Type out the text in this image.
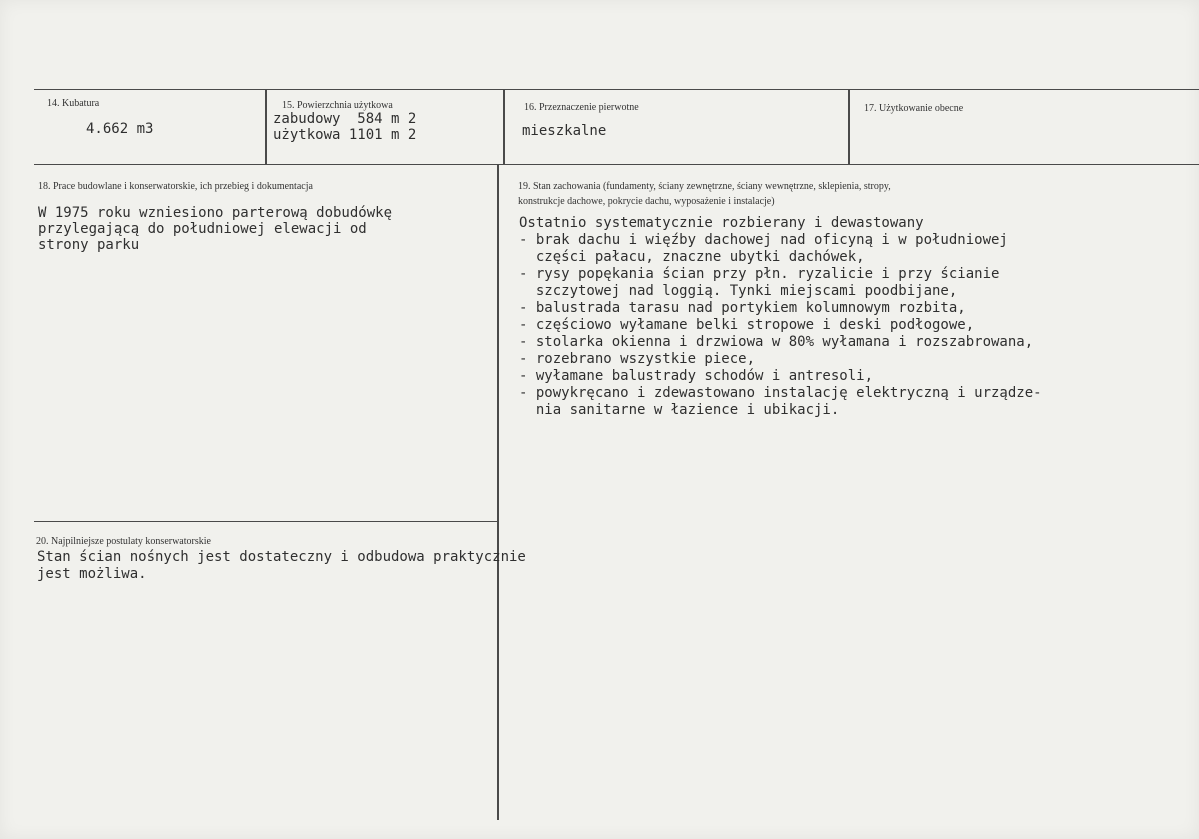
14. Kubatura
4.662 m3
15. Powierzchnia użytkowa
zabudowy  584 m 2
użytkowa 1101 m 2
16. Przeznaczenie pierwotne
mieszkalne
17. Użytkowanie obecne
18. Prace budowlane i konserwatorskie, ich przebieg i dokumentacja
W 1975 roku wzniesiono parterową dobudówkę
przylegającą do południowej elewacji od
strony parku
19. Stan zachowania (fundamenty, ściany zewnętrzne, ściany wewnętrzne, sklepienia, stropy,
konstrukcje dachowe, pokrycie dachu, wyposażenie i instalacje)
Ostatnio systematycznie rozbierany i dewastowany
- brak dachu i więźby dachowej nad oficyną i w południowej
części pałacu, znaczne ubytki dachówek,
- rysy popękania ścian przy płn. ryzalicie i przy ścianie
szczytowej nad loggią. Tynki miejscami poodbijane,
- balustrada tarasu nad portykiem kolumnowym rozbita,
- częściowo wyłamane belki stropowe i deski podłogowe,
- stolarka okienna i drzwiowa w 80% wyłamana i rozszabrowana,
- rozebrano wszystkie piece,
- wyłamane balustrady schodów i antresoli,
- powykręcano i zdewastowano instalację elektryczną i urządze-
nia sanitarne w łazience i ubikacji.
20. Najpilniejsze postulaty konserwatorskie
Stan ścian nośnych jest dostateczny i odbudowa praktycznie
jest możliwa.
